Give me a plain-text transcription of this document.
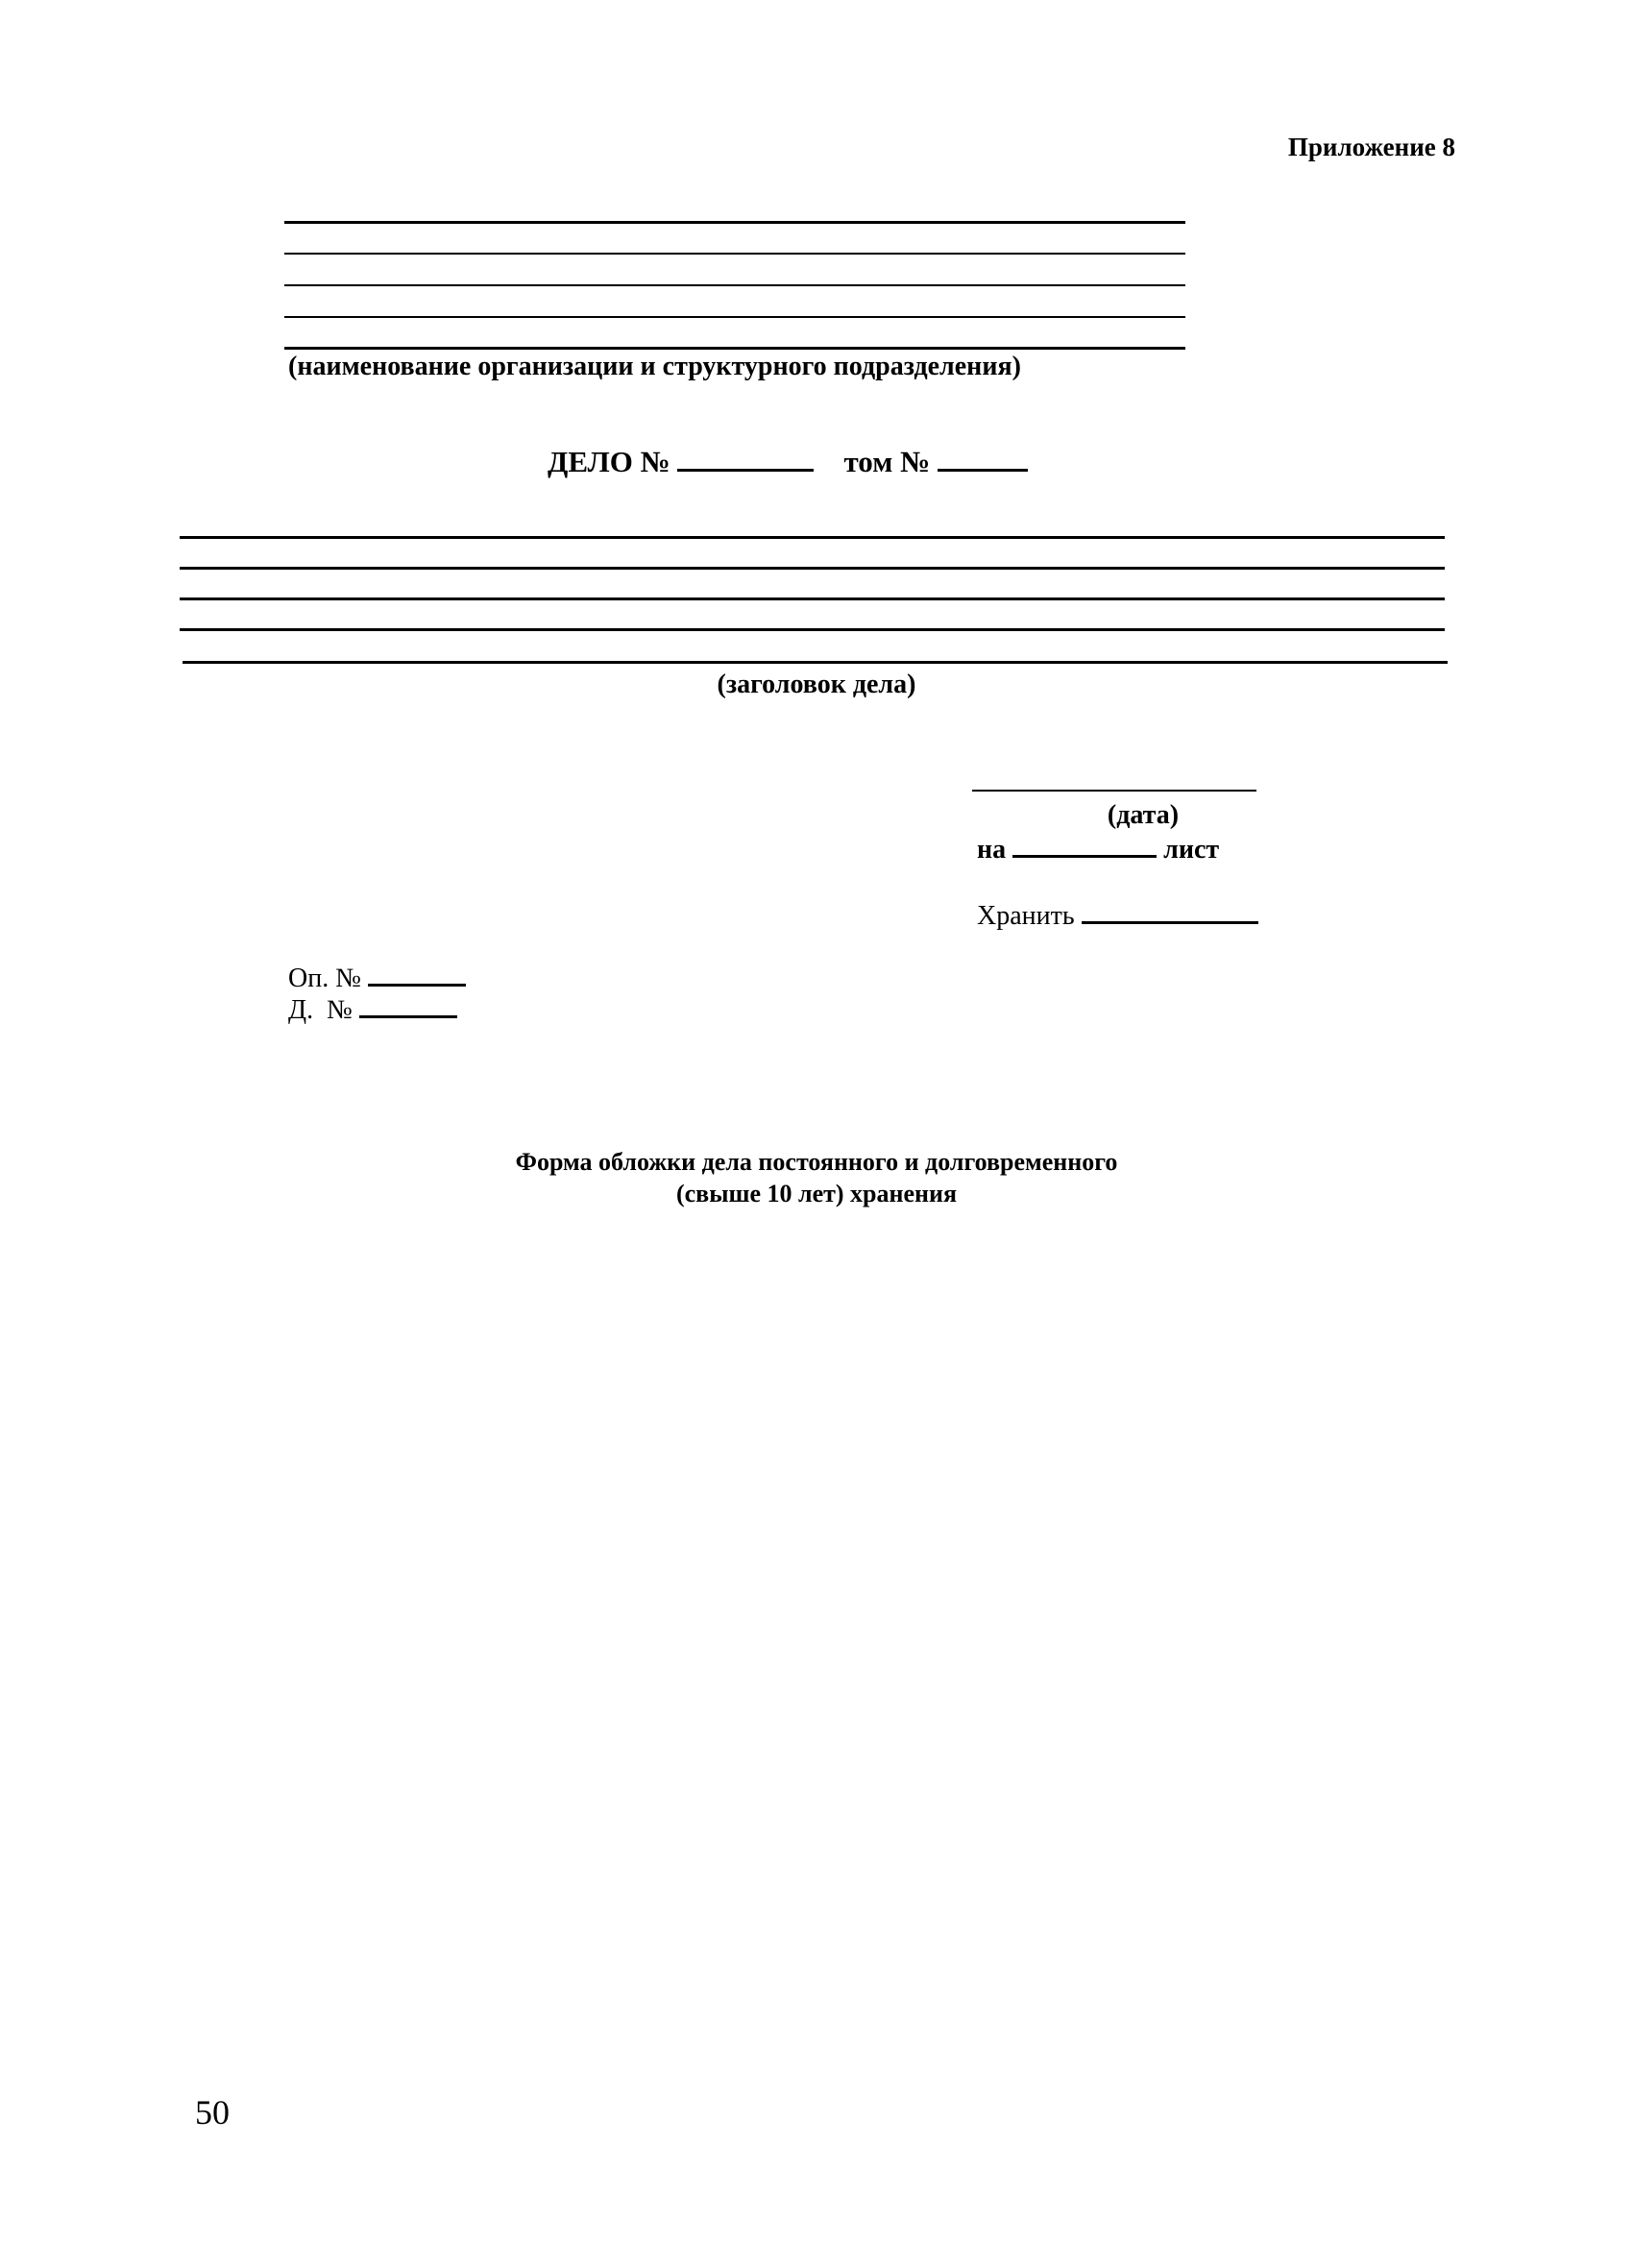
Приложение 8
(наименование организации и структурного подразделения)
ДЕЛО №	том №
(заголовок дела)
(дата)
на	лист
Хранить
Оп. №
Д.  №
Форма обложки дела постоянного и долговременного
(свыше 10 лет) хранения
50
